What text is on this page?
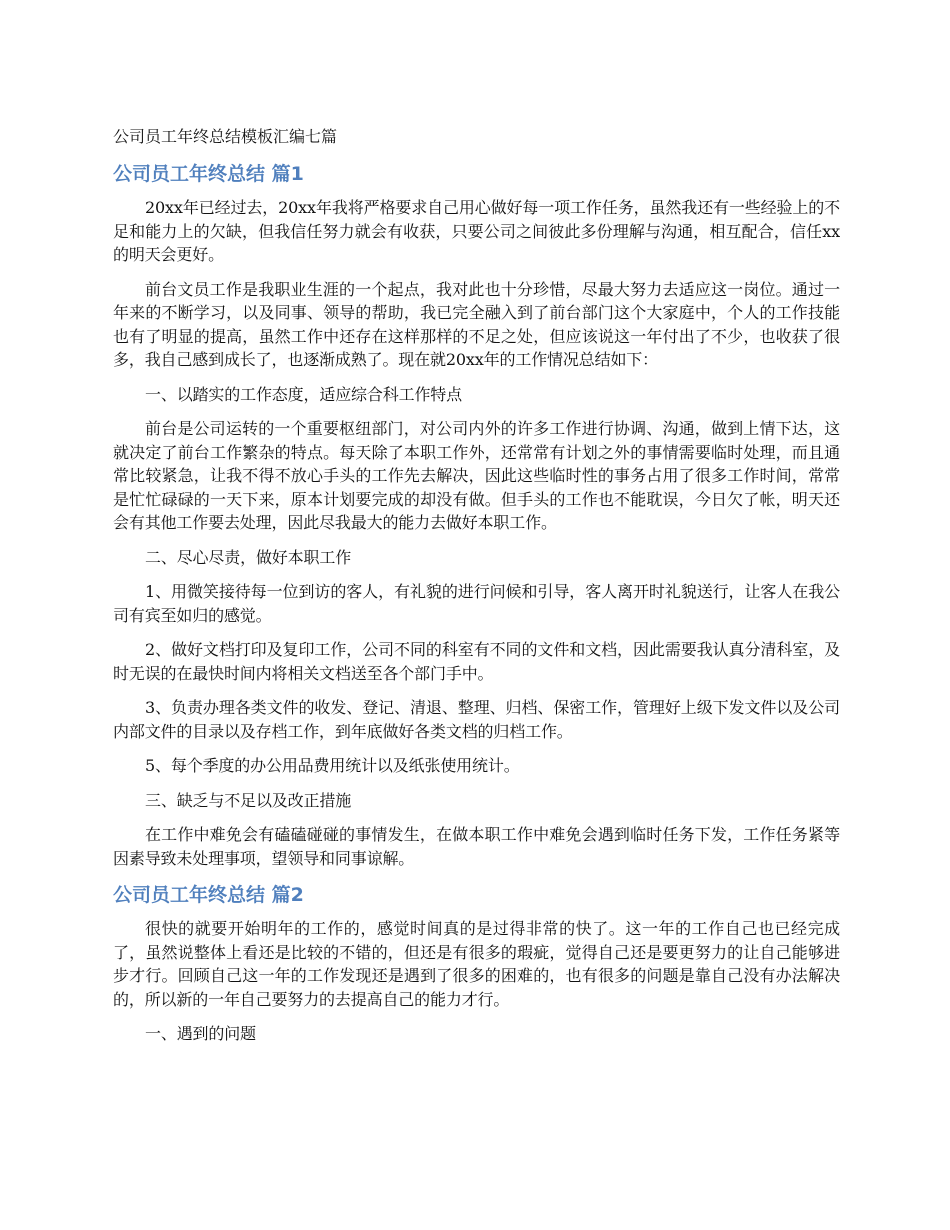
公司员工年终总结模板汇编七篇
公司员工年终总结 篇1

20xx年已经过去，20xx年我将严格要求自己用心做好每一项工作任务，虽然我还有一些经验上的不足和能力上的欠缺，但我信任努力就会有收获，只要公司之间彼此多份理解与沟通，相互配合，信任xx的明天会更好。

前台文员工作是我职业生涯的一个起点，我对此也十分珍惜，尽最大努力去适应这一岗位。通过一年来的不断学习，以及同事、领导的帮助，我已完全融入到了前台部门这个大家庭中，个人的工作技能也有了明显的提高，虽然工作中还存在这样那样的不足之处，但应该说这一年付出了不少，也收获了很多，我自己感到成长了，也逐渐成熟了。现在就20xx年的工作情况总结如下：

一、以踏实的工作态度，适应综合科工作特点

前台是公司运转的一个重要枢纽部门，对公司内外的许多工作进行协调、沟通，做到上情下达，这就决定了前台工作繁杂的特点。每天除了本职工作外，还常常有计划之外的事情需要临时处理，而且通常比较紧急，让我不得不放心手头的工作先去解决，因此这些临时性的事务占用了很多工作时间，常常是忙忙碌碌的一天下来，原本计划要完成的却没有做。但手头的工作也不能耽误，今日欠了帐，明天还会有其他工作要去处理，因此尽我最大的能力去做好本职工作。

二、尽心尽责，做好本职工作

1、用微笑接待每一位到访的客人，有礼貌的进行问候和引导，客人离开时礼貌送行，让客人在我公司有宾至如归的感觉。

2、做好文档打印及复印工作，公司不同的科室有不同的文件和文档，因此需要我认真分清科室，及时无误的在最快时间内将相关文档送至各个部门手中。

3、负责办理各类文件的收发、登记、清退、整理、归档、保密工作，管理好上级下发文件以及公司内部文件的目录以及存档工作，到年底做好各类文档的归档工作。

5、每个季度的办公用品费用统计以及纸张使用统计。

三、缺乏与不足以及改正措施

在工作中难免会有磕磕碰碰的事情发生，在做本职工作中难免会遇到临时任务下发，工作任务紧等因素导致未处理事项，望领导和同事谅解。

公司员工年终总结 篇2

很快的就要开始明年的工作的，感觉时间真的是过得非常的快了。这一年的工作自己也已经完成了，虽然说整体上看还是比较的不错的，但还是有很多的瑕疵，觉得自己还是要更努力的让自己能够进步才行。回顾自己这一年的工作发现还是遇到了很多的困难的，也有很多的问题是靠自己没有办法解决的，所以新的一年自己要努力的去提高自己的能力才行。

一、遇到的问题
